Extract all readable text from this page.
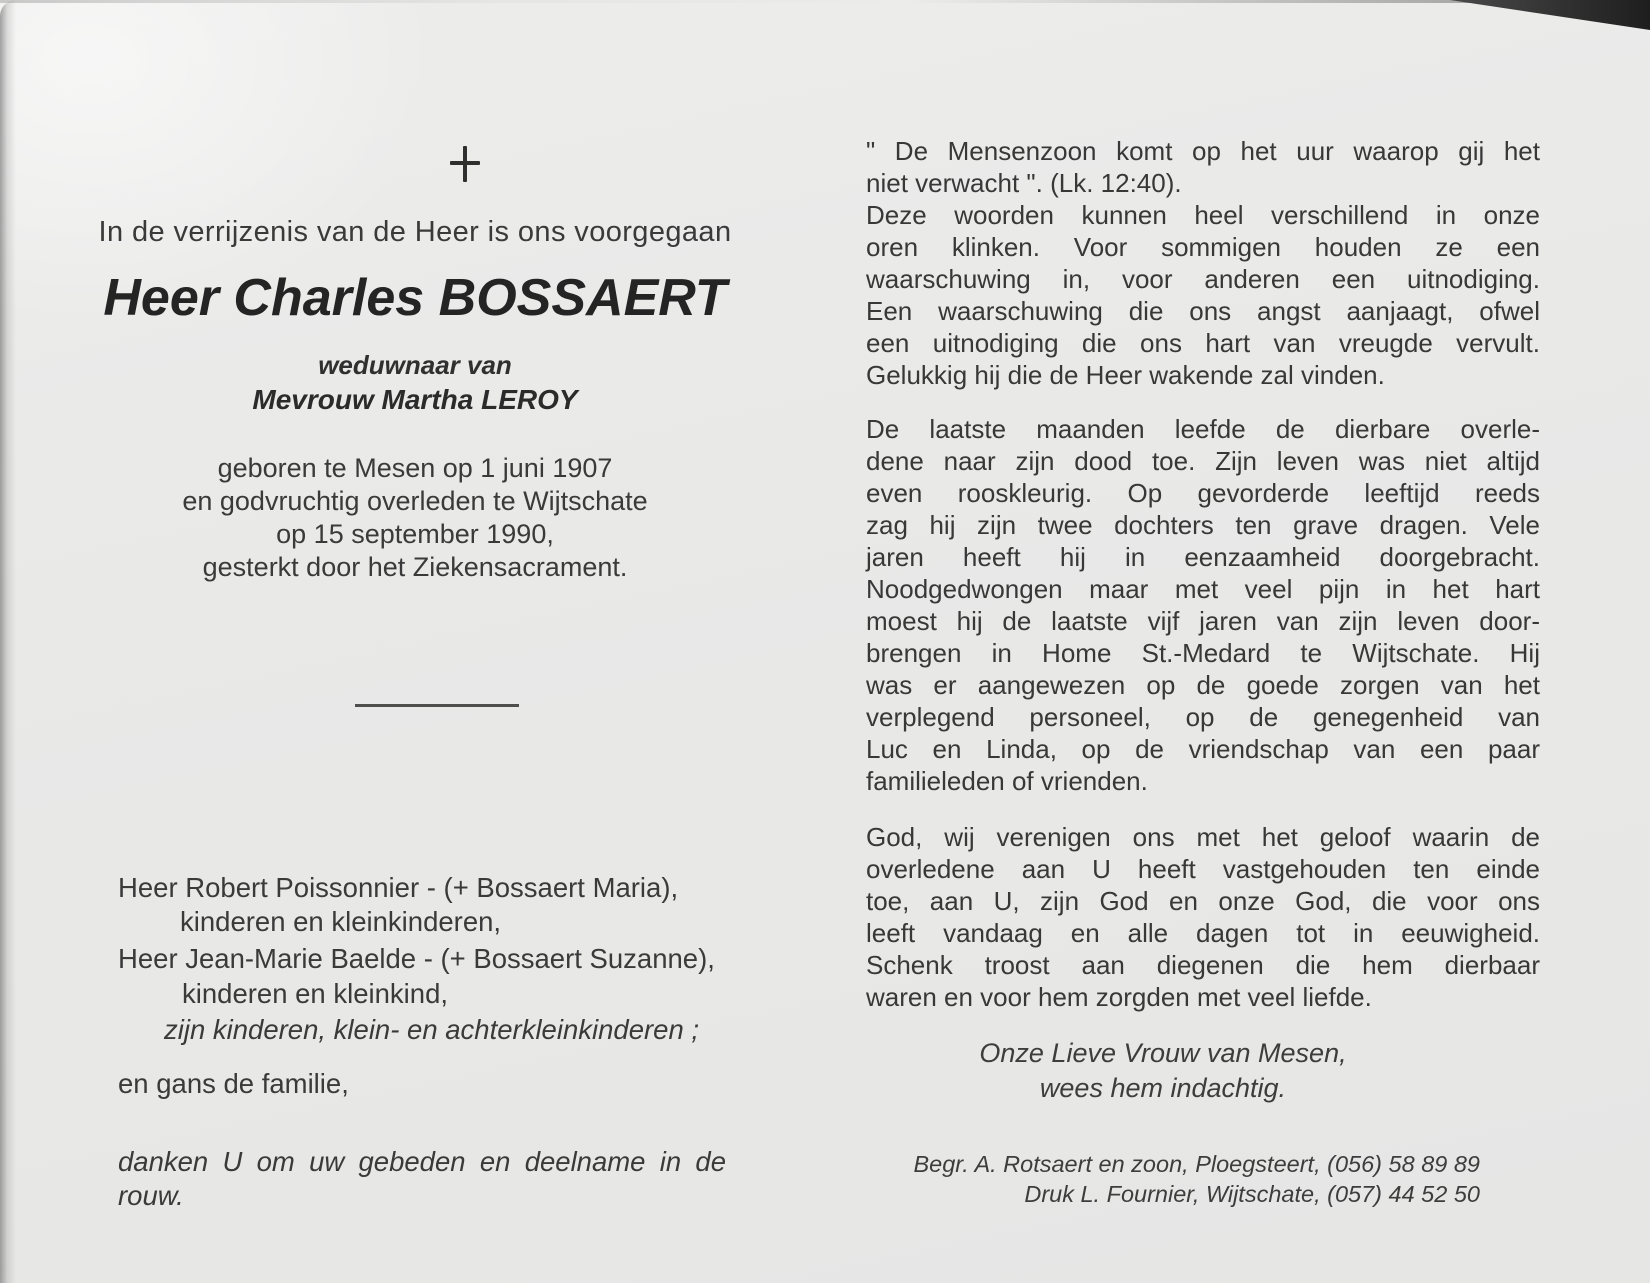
In de verrijzenis van de Heer is ons voorgegaan
Heer Charles BOSSAERT
weduwnaar van
Mevrouw Martha LEROY
geboren te Mesen op 1 juni 1907
en godvruchtig overleden te Wijtschate
op 15 september 1990,
gesterkt door het Ziekensacrament.
Heer Robert Poissonnier - (+ Bossaert Maria),
kinderen en kleinkinderen,
Heer Jean-Marie Baelde - (+ Bossaert Suzanne),
kinderen en kleinkind,
zijn kinderen, klein- en achterkleinkinderen ;
en gans de familie,
danken U om uw gebeden en deelname in de
rouw.
" De Mensenzoon komt op het uur waarop gij het
niet verwacht ". (Lk. 12:40).
Deze woorden kunnen heel verschillend in onze
oren klinken. Voor sommigen houden ze een
waarschuwing in, voor anderen een uitnodiging.
Een waarschuwing die ons angst aanjaagt, ofwel
een uitnodiging die ons hart van vreugde vervult.
Gelukkig hij die de Heer wakende zal vinden.
De laatste maanden leefde de dierbare overle-
dene naar zijn dood toe. Zijn leven was niet altijd
even rooskleurig. Op gevorderde leeftijd reeds
zag hij zijn twee dochters ten grave dragen. Vele
jaren heeft hij in eenzaamheid doorgebracht.
Noodgedwongen maar met veel pijn in het hart
moest hij de laatste vijf jaren van zijn leven door-
brengen in Home St.-Medard te Wijtschate. Hij
was er aangewezen op de goede zorgen van het
verplegend personeel, op de genegenheid van
Luc en Linda, op de vriendschap van een paar
familieleden of vrienden.
God, wij verenigen ons met het geloof waarin de
overledene aan U heeft vastgehouden ten einde
toe, aan U, zijn God en onze God, die voor ons
leeft vandaag en alle dagen tot in eeuwigheid.
Schenk troost aan diegenen die hem dierbaar
waren en voor hem zorgden met veel liefde.
Onze Lieve Vrouw van Mesen,
wees hem indachtig.
Begr. A. Rotsaert en zoon, Ploegsteert, (056) 58 89 89
Druk L. Fournier, Wijtschate, (057) 44 52 50
